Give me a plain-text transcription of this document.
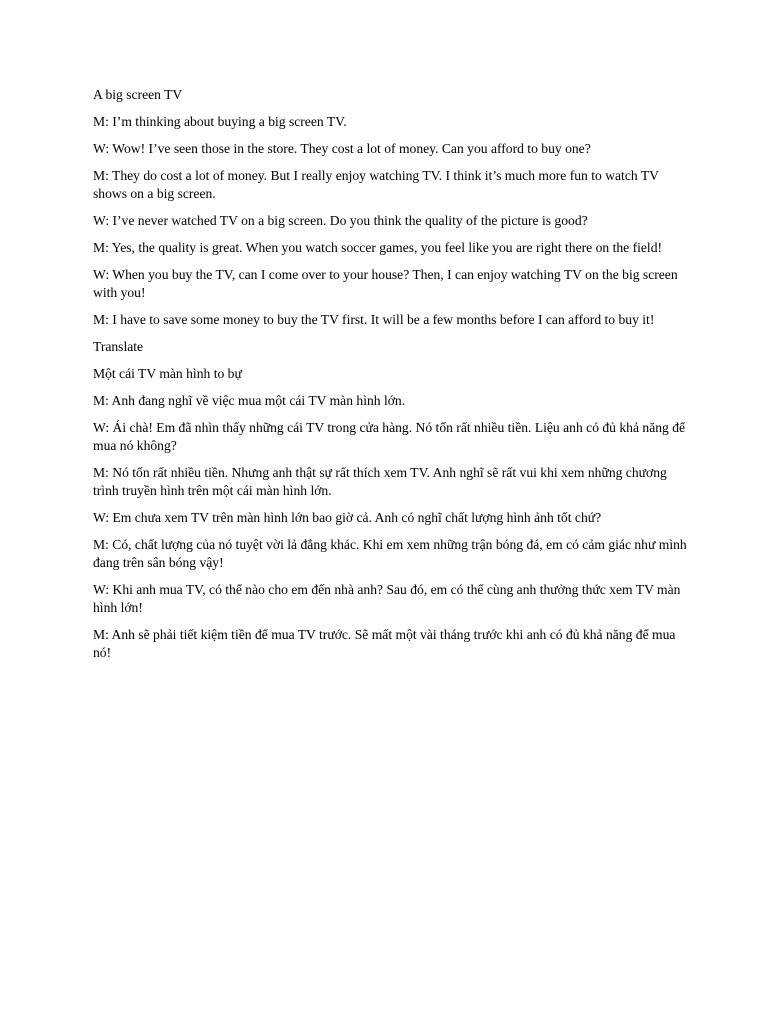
A big screen TV

M: I’m thinking about buying a big screen TV.

W: Wow! I’ve seen those in the store. They cost a lot of money. Can you afford to buy one?

M: They do cost a lot of money. But I really enjoy watching TV. I think it’s much more fun to watch TV shows on a big screen.

W: I’ve never watched TV on a big screen. Do you think the quality of the picture is good?

M: Yes, the quality is great. When you watch soccer games, you feel like you are right there on the field!

W: When you buy the TV, can I come over to your house? Then, I can enjoy watching TV on the big screen with you!

M: I have to save some money to buy the TV first. It will be a few months before I can afford to buy it!

Translate

Một cái TV màn hình to bự

M: Anh đang nghĩ về việc mua một cái TV màn hình lớn.

W: Ái chà! Em đã nhìn thấy những cái TV trong cửa hàng. Nó tốn rất nhiều tiền. Liệu anh có đủ khả năng để mua nó không?

M: Nó tốn rất nhiều tiền. Nhưng anh thật sự rất thích xem TV. Anh nghĩ sẽ rất vui khi xem những chương trình truyền hình trên một cái màn hình lớn.

W: Em chưa xem TV trên màn hình lớn bao giờ cả. Anh có nghĩ chất lượng hình ảnh tốt chứ?

M: Có, chất lượng của nó tuyệt vời lả đẳng khác. Khi em xem những trận bóng đá, em có cảm giác như mình đang trên sân bóng vậy!

W: Khi anh mua TV, có thể nào cho em đến nhà anh? Sau đó, em có thể cùng anh thưởng thức xem TV màn hình lớn!

M: Anh sẽ phải tiết kiệm tiền để mua TV trước. Sẽ mất một vài tháng trước khi anh có đủ khả năng để mua nó!
